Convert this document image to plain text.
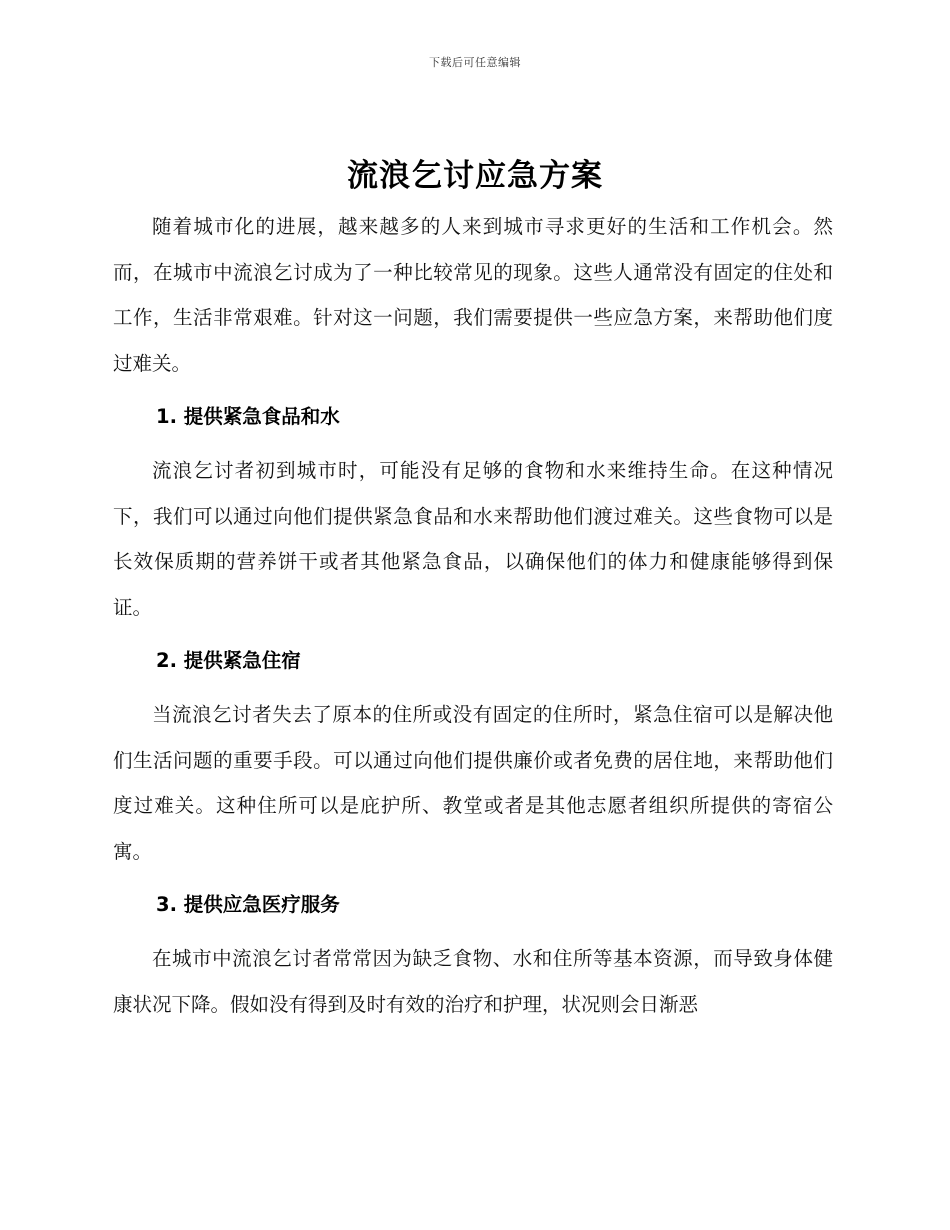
下载后可任意编辑
流浪乞讨应急方案

随着城市化的进展，越来越多的人来到城市寻求更好的生活和工作机会。然而，在城市中流浪乞讨成为了一种比较常见的现象。这些人通常没有固定的住处和工作，生活非常艰难。针对这一问题，我们需要提供一些应急方案，来帮助他们度过难关。

1. 提供紧急食品和水

流浪乞讨者初到城市时，可能没有足够的食物和水来维持生命。在这种情况下，我们可以通过向他们提供紧急食品和水来帮助他们渡过难关。这些食物可以是长效保质期的营养饼干或者其他紧急食品，以确保他们的体力和健康能够得到保证。

2. 提供紧急住宿

当流浪乞讨者失去了原本的住所或没有固定的住所时，紧急住宿可以是解决他们生活问题的重要手段。可以通过向他们提供廉价或者免费的居住地，来帮助他们度过难关。这种住所可以是庇护所、教堂或者是其他志愿者组织所提供的寄宿公寓。

3. 提供应急医疗服务

在城市中流浪乞讨者常常因为缺乏食物、水和住所等基本资源，而导致身体健康状况下降。假如没有得到及时有效的治疗和护理，状况则会日渐恶
